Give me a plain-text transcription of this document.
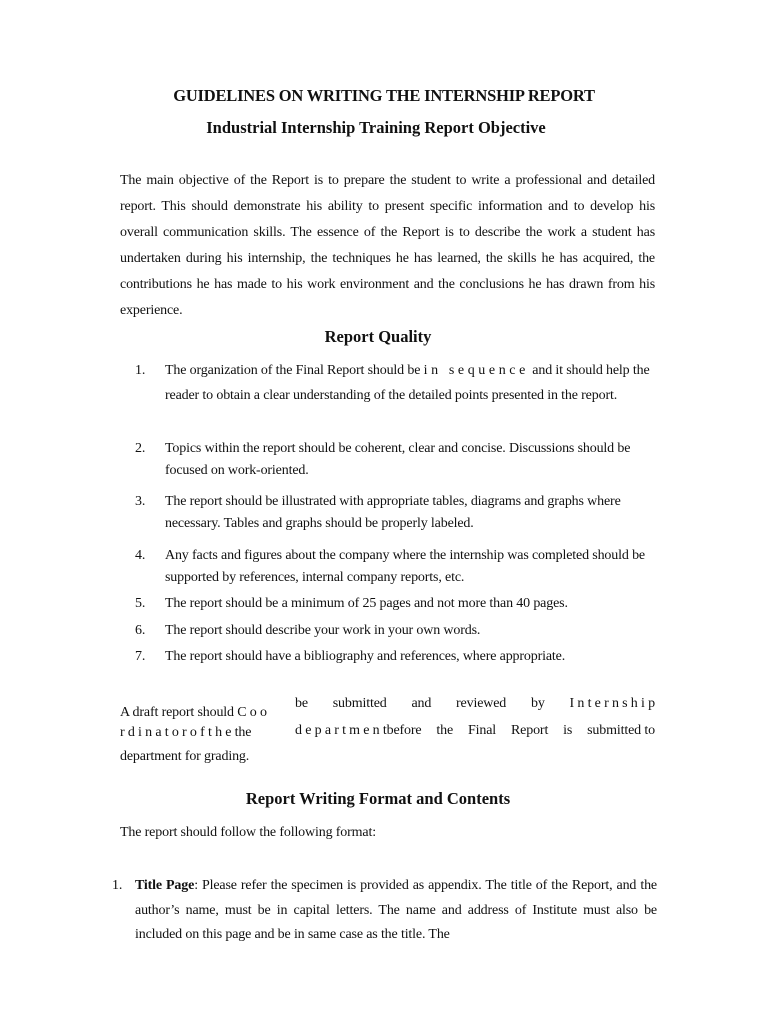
GUIDELINES ON WRITING THE INTERNSHIP REPORT
Industrial Internship Training Report Objective

The main objective of the Report is to prepare the student to write a professional and detailed report. This should demonstrate his ability to present specific information and to develop his overall communication skills. The essence of the Report is to describe the work a student has undertaken during his internship, the techniques he has learned, the skills he has acquired, the contributions he has made to his work environment and the conclusions he has drawn from his experience.

Report Quality
1. The organization of the Final Report should be in sequence and it should help the reader to obtain a clear understanding of the detailed points presented in the report.
2. Topics within the report should be coherent, clear and concise. Discussions should be focused on work-oriented.
3. The report should be illustrated with appropriate tables, diagrams and graphs where necessary. Tables and graphs should be properly labeled.
4. Any facts and figures about the company where the internship was completed should be supported by references, internal company reports, etc.
5. The report should be a minimum of 25 pages and not more than 40 pages.
6. The report should describe your work in your own words.
7. The report should have a bibliography and references, where appropriate.
A draft report should C o o
be submitted and reviewed by I n t e r n s h i p
r d i n a t o r o f t h e the	d e p a r t m e n tbefore the Final Report is submitted to
department for grading.
Report Writing Format and Contents
The report should follow the following format:
1. Title Page: Please refer the specimen is provided as appendix. The title of the Report, and the author’s name, must be in capital letters. The name and address of Institute must also be included on this page and be in same case as the title. The
